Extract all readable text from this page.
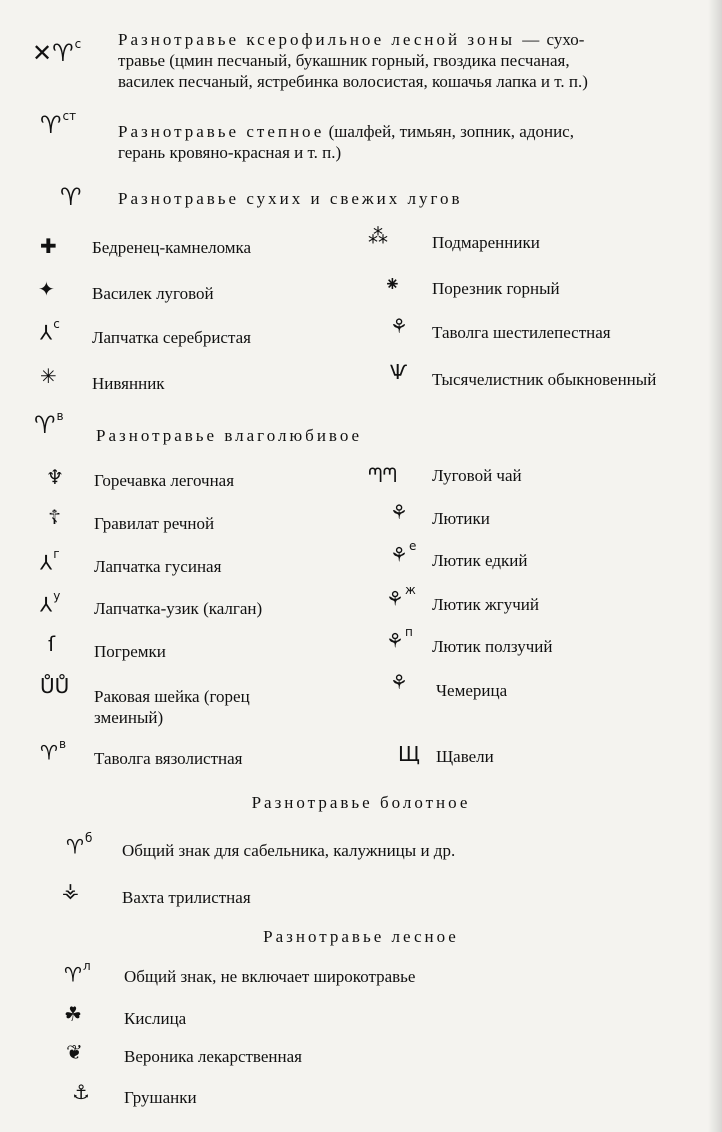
✕♈$^с$ Разнотравье ксерофильное лесной зоны — сухо-
травье (цмин песчаный, букашник горный, гвоздика песчаная,
василек песчаный, ястребинка волосистая, кошачья лапка и т. п.)
♈$^{ст}$
Разнотравье степное (шалфей, тимьян, зопник, адонис,
герань кровяно-красная и т. п.)
♈ Разнотравье сухих и свежих лугов
✚ Бедренец-камнеломка
✦ Василек луговой
⅄$^с$
Лапчатка серебристая
✳ Нивянник
⁂	Подмаренники
⁕ Порезник горный
⚘ Таволга шестилепестная
Ѱ Тысячелистник обыкновенный
♈$^в$
Разнотравье влаголюбивое
♆ Горечавка легочная
☦ Гравилат речной
⅄$^г$
Лапчатка гусиная
⅄$^у$
Лапчатка-узик (калган)
ſ Погремки
ŮŮ Раковая шейка (горец
змеиный)
♈$^в$
Таволга вязолистная
ᘉᘉ Луговой чай
⚘ Лютики
⚘$^е$
Лютик едкий
⚘$^ж$
Лютик жгучий
⚘$^п$
Лютик ползучий
⚘ Чемерица
Щ Щавели
Разнотравье болотное
♈$^б$
Общий знак для сабельника, калужницы и др.
⚶	Вахта трилистная
Разнотравье лесное
♈$^л$
Общий знак, не включает широкотравье
☘ Кислица
❦ Вероника лекарственная
⚓ Грушанки
